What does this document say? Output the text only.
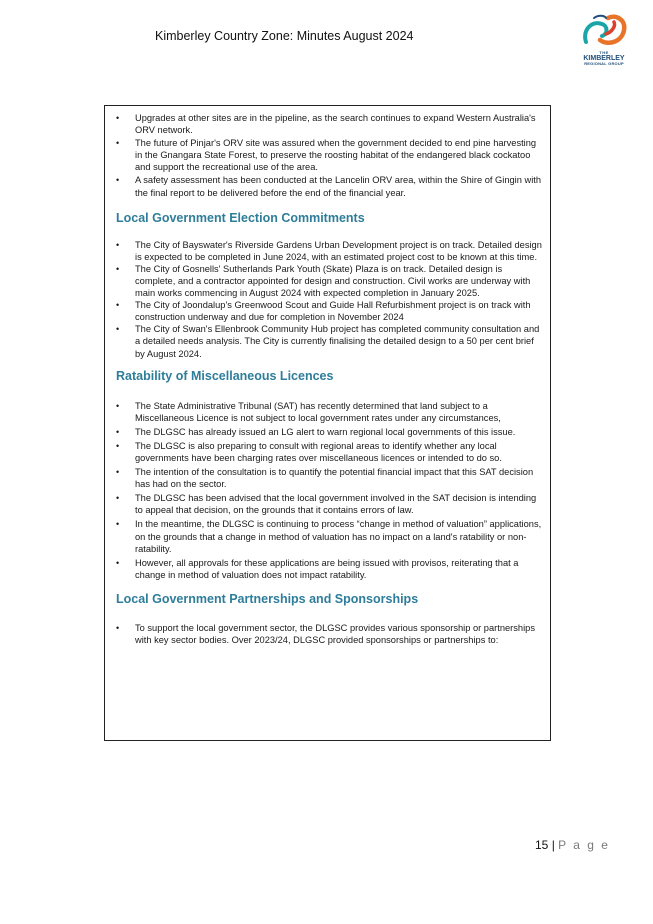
Kimberley Country Zone: Minutes August 2024
THE
KIMBERLEY
REGIONAL GROUP
• Upgrades at other sites are in the pipeline, as the search continues to expand Western Australia's ORV network.
• The future of Pinjar's ORV site was assured when the government decided to end pine harvesting in the Gnangara State Forest, to preserve the roosting habitat of the endangered black cockatoo and support the recreational use of the area.
• A safety assessment has been conducted at the Lancelin ORV area, within the Shire of Gingin with the final report to be delivered before the end of the financial year.
Local Government Election Commitments
• The City of Bayswater's Riverside Gardens Urban Development project is on track. Detailed design is expected to be completed in June 2024, with an estimated project cost to be known at this time.
• The City of Gosnells' Sutherlands Park Youth (Skate) Plaza is on track. Detailed design is complete, and a contractor appointed for design and construction. Civil works are underway with main works commencing in August 2024 with expected completion in January 2025.
• The City of Joondalup's Greenwood Scout and Guide Hall Refurbishment project is on track with construction underway and due for completion in November 2024
• The City of Swan's Ellenbrook Community Hub project has completed community consultation and a detailed needs analysis. The City is currently finalising the detailed design to a 50 per cent brief by August 2024.
Ratability of Miscellaneous Licences
• The State Administrative Tribunal (SAT) has recently determined that land subject to a Miscellaneous Licence is not subject to local government rates under any circumstances,
• The DLGSC has already issued an LG alert to warn regional local governments of this issue.
• The DLGSC is also preparing to consult with regional areas to identify whether any local governments have been charging rates over miscellaneous licences or intended to do so.
• The intention of the consultation is to quantify the potential financial impact that this SAT decision has had on the sector.
• The DLGSC has been advised that the local government involved in the SAT decision is intending to appeal that decision, on the grounds that it contains errors of law.
• In the meantime, the DLGSC is continuing to process “change in method of valuation” applications, on the grounds that a change in method of valuation has no impact on a land's ratability or non-ratability.
• However, all approvals for these applications are being issued with provisos, reiterating that a change in method of valuation does not impact ratability.
Local Government Partnerships and Sponsorships
• To support the local government sector, the DLGSC provides various sponsorship or partnerships with key sector bodies. Over 2023/24, DLGSC provided sponsorships or partnerships to:
15 | P a g e
